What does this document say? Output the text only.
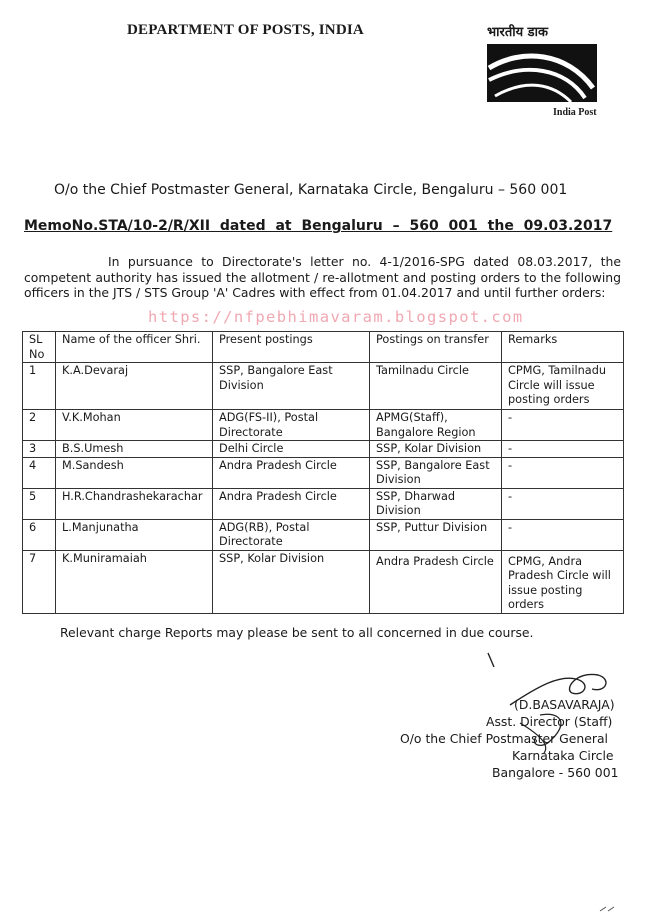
DEPARTMENT OF POSTS, INDIA	भारतीय डाक
India Post
O/o the Chief Postmaster General, Karnataka Circle, Bengaluru – 560 001
MemoNo.STA/10-2/R/XII dated at Bengaluru – 560 001 the 09.03.2017
In pursuance to Directorate's letter no. 4-1/2016-SPG dated 08.03.2017, the competent authority has issued the allotment / re-allotment and posting orders to the following officers in the JTS / STS Group 'A' Cadres with effect from 01.04.2017 and until further orders:
https://nfpebhimavaram.blogspot.com
SL No	Name of the officer Shri.	Present postings	Postings on transfer	Remarks
1	K.A.Devaraj	SSP, Bangalore East Division	Tamilnadu Circle	CPMG, Tamilnadu Circle will issue posting orders
2	V.K.Mohan	ADG(FS-II), Postal Directorate	APMG(Staff), Bangalore Region	-
3	B.S.Umesh	Delhi Circle	SSP, Kolar Division	-
4	M.Sandesh	Andra Pradesh Circle	SSP, Bangalore East Division	-
5	H.R.Chandrashekarachar	Andra Pradesh Circle	SSP, Dharwad Division	-
6	L.Manjunatha	ADG(RB), Postal Directorate	SSP, Puttur Division	-
7	K.Muniramaiah	SSP, Kolar Division	Andra Pradesh Circle	CPMG, Andra Pradesh Circle will issue posting orders
Relevant charge Reports may please be sent to all concerned in due course.
(D.BASAVARAJA)
Asst. Director (Staff)
O/o the Chief Postmaster General
Karnataka Circle
Bangalore - 560 001
